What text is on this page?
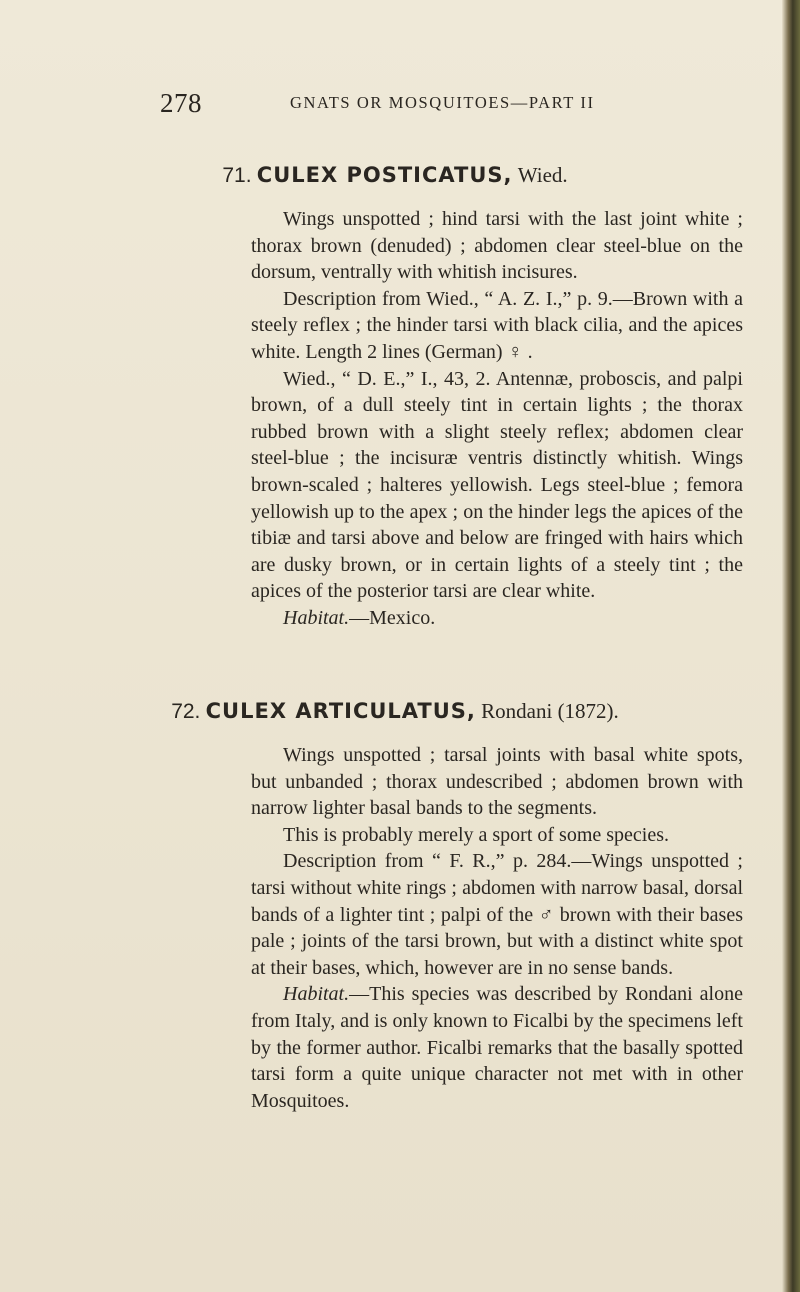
278	GNATS OR MOSQUITOES—PART II
71. CULEX POSTICATUS, Wied.

Wings unspotted ; hind tarsi with the last joint white ; thorax brown (denuded) ; abdomen clear steel-blue on the dorsum, ventrally with whitish incisures.

Description from Wied., “ A. Z. I.,” p. 9.—Brown with a steely reflex ; the hinder tarsi with black cilia, and the apices white. Length 2 lines (German) ♀ .

Wied., “ D. E.,” I., 43, 2. Antennæ, proboscis, and palpi brown, of a dull steely tint in certain lights ; the thorax rubbed brown with a slight steely reflex; abdomen clear steel-blue ; the incisuræ ventris distinctly whitish. Wings brown-scaled ; halteres yellowish. Legs steel-blue ; femora yellowish up to the apex ; on the hinder legs the apices of the tibiæ and tarsi above and below are fringed with hairs which are dusky brown, or in certain lights of a steely tint ; the apices of the posterior tarsi are clear white.

Habitat.—Mexico.

72. CULEX ARTICULATUS, Rondani (1872).

Wings unspotted ; tarsal joints with basal white spots, but unbanded ; thorax undescribed ; abdomen brown with narrow lighter basal bands to the segments.

This is probably merely a sport of some species.

Description from “ F. R.,” p. 284.—Wings unspotted ; tarsi without white rings ; abdomen with narrow basal, dorsal bands of a lighter tint ; palpi of the ♂ brown with their bases pale ; joints of the tarsi brown, but with a distinct white spot at their bases, which, however are in no sense bands.

Habitat.—This species was described by Rondani alone from Italy, and is only known to Ficalbi by the specimens left by the former author. Ficalbi remarks that the basally spotted tarsi form a quite unique character not met with in other Mosquitoes.
